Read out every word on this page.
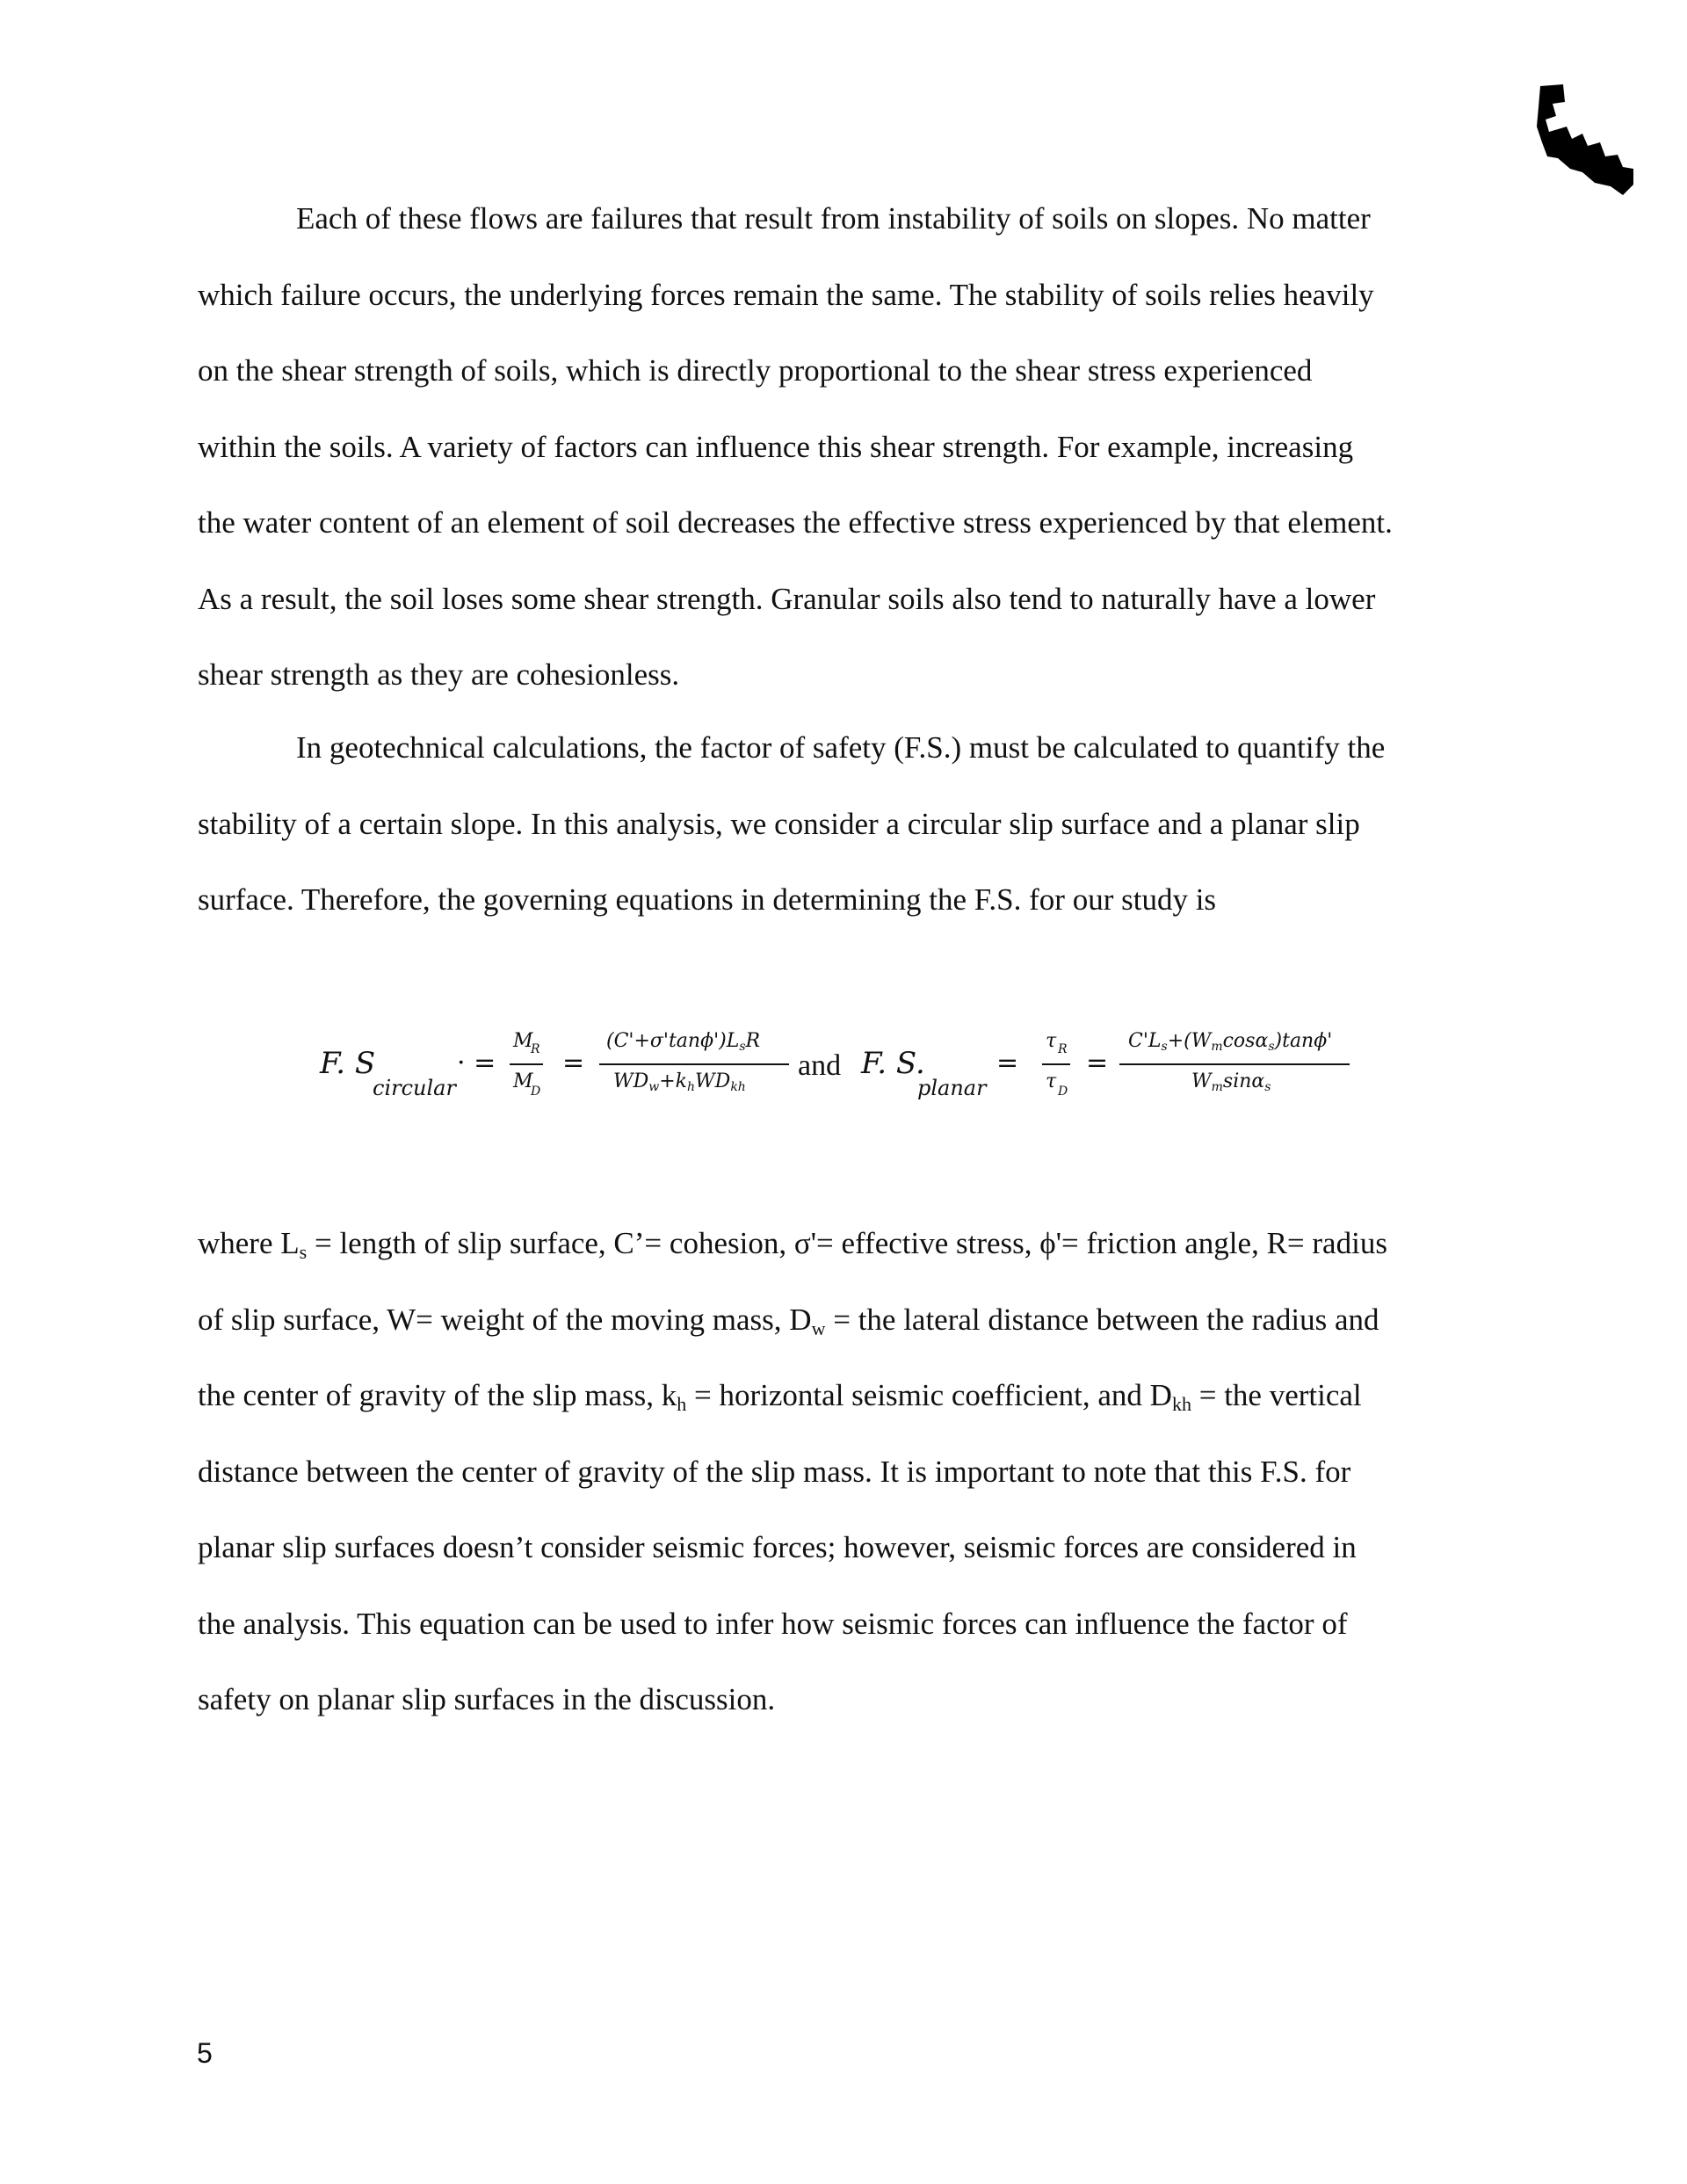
Each of these flows are failures that result from instability of soils on slopes. No matter

which failure occurs, the underlying forces remain the same. The stability of soils relies heavily

on the shear strength of soils, which is directly proportional to the shear stress experienced

within the soils. A variety of factors can influence this shear strength. For example, increasing

the water content of an element of soil decreases the effective stress experienced by that element.

As a result, the soil loses some shear strength. Granular soils also tend to naturally have a lower

shear strength as they are cohesionless.

In geotechnical calculations, the factor of safety (F.S.) must be calculated to quantify the

stability of a certain slope. In this analysis, we consider a circular slip surface and a planar slip

surface. Therefore, the governing equations in determining the F.S. for our study is

F. S
circular
· =
M
R
M
D
=
$(C'+\sigma'\tan\phi')L_sR$
$WD_w+k_hWD_{kh}$
and F. S.
planar
=
τ R
τ D
=
$C'L_s+(W_m\cos\alpha_s)\tan\phi'$
$W_m\sin\alpha_s$

where $L_s$ = length of slip surface, C’= cohesion, σ'= effective stress, ϕ'= friction angle, R= radius

of slip surface, W= weight of the moving mass, $D_w$ = the lateral distance between the radius and

the center of gravity of the slip mass, $k_h$ = horizontal seismic coefficient, and $D_{kh}$ = the vertical

distance between the center of gravity of the slip mass. It is important to note that this F.S. for

planar slip surfaces doesn’t consider seismic forces; however, seismic forces are considered in

the analysis. This equation can be used to infer how seismic forces can influence the factor of

safety on planar slip surfaces in the discussion.

5
